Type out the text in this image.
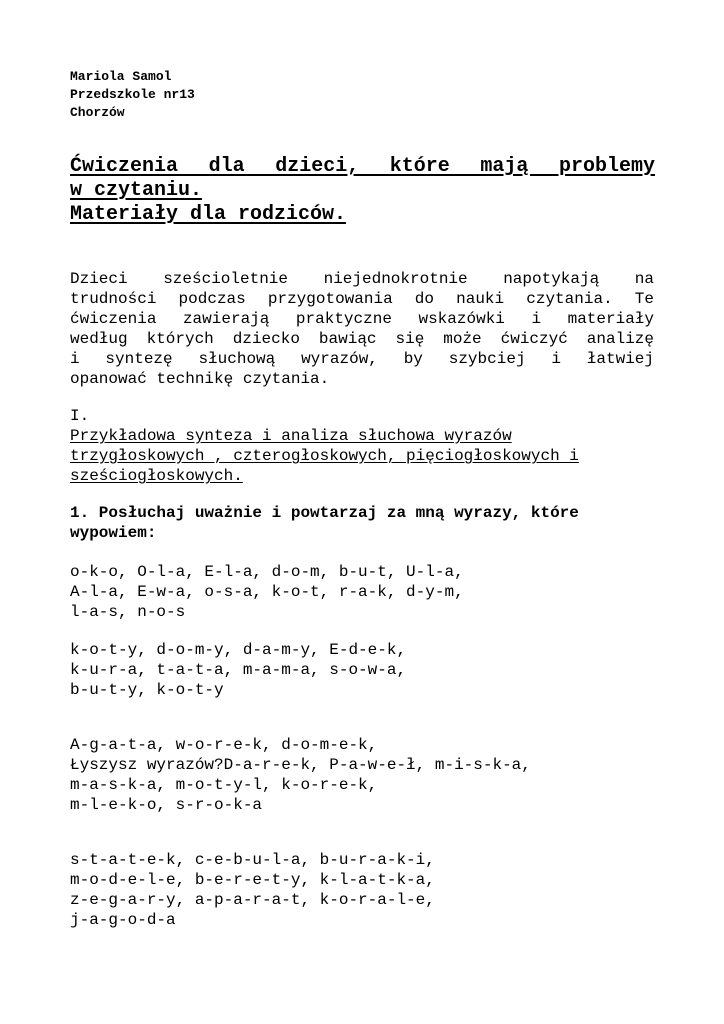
Mariola Samol
Przedszkole nr13
Chorzów
Ćwiczenia dla dzieci, które mają problemy
w czytaniu.
Materiały dla rodziców.
Dzieci sześcioletnie niejednokrotnie napotykają na
trudności podczas przygotowania do nauki czytania. Te
ćwiczenia zawierają praktyczne wskazówki i materiały
według których dziecko bawiąc się może ćwiczyć analizę
i syntezę słuchową wyrazów, by szybciej i łatwiej
opanować technikę czytania.
I.
Przykładowa synteza i analiza słuchowa wyrazów
trzygłoskowych , czterogłoskowych, pięciogłoskowych i
sześciogłoskowych.
1. Posłuchaj uważnie i powtarzaj za mną wyrazy, które
wypowiem:
o-k-o, O-l-a, E-l-a, d-o-m, b-u-t, U-l-a,
A-l-a, E-w-a, o-s-a, k-o-t, r-a-k, d-y-m,
l-a-s, n-o-s
k-o-t-y, d-o-m-y, d-a-m-y, E-d-e-k,
k-u-r-a, t-a-t-a, m-a-m-a, s-o-w-a,
b-u-t-y, k-o-t-y
A-g-a-t-a, w-o-r-e-k, d-o-m-e-k,
Łyszysz wyrazów?D-a-r-e-k, P-a-w-e-ł, m-i-s-k-a,
m-a-s-k-a, m-o-t-y-l, k-o-r-e-k,
m-l-e-k-o, s-r-o-k-a
s-t-a-t-e-k, c-e-b-u-l-a, b-u-r-a-k-i,
m-o-d-e-l-e, b-e-r-e-t-y, k-l-a-t-k-a,
z-e-g-a-r-y, a-p-a-r-a-t, k-o-r-a-l-e,
j-a-g-o-d-a
